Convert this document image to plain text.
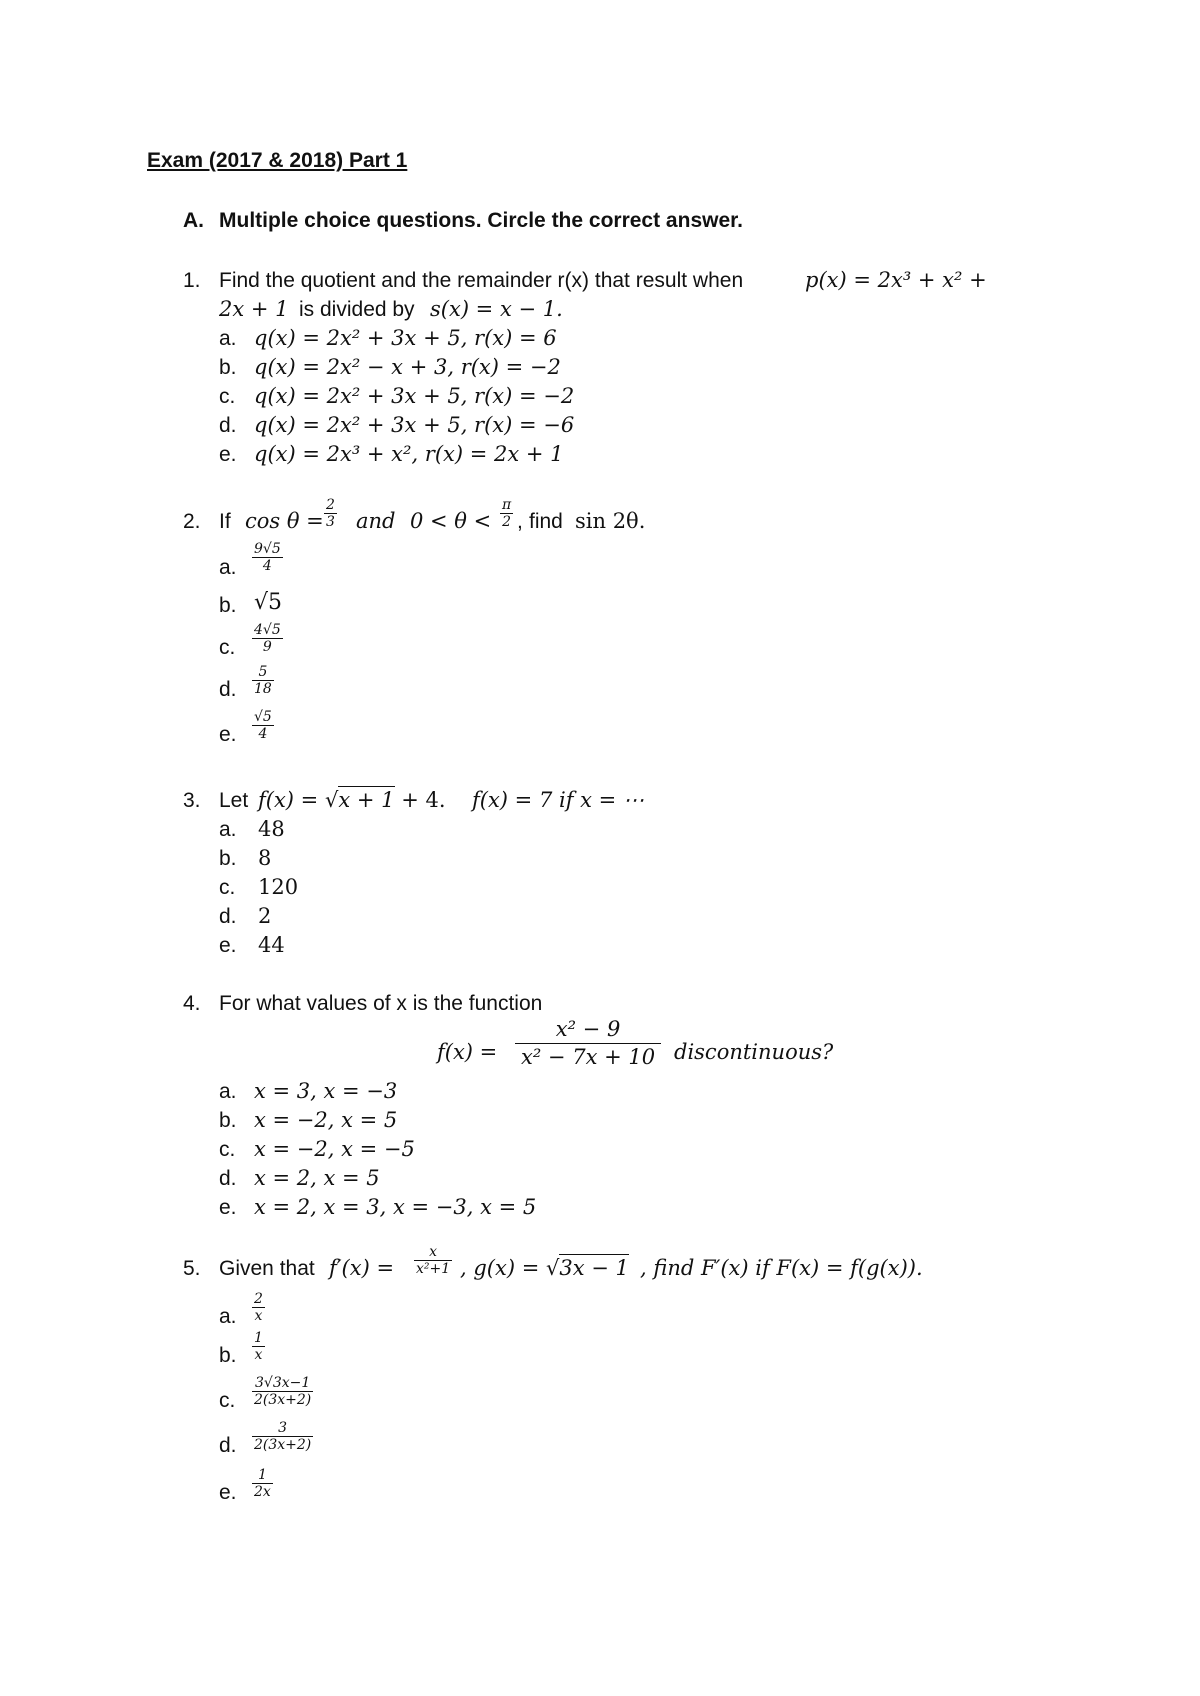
Exam (2017 & 2018) Part 1
A. Multiple choice questions. Circle the correct answer.
1. Find the quotient and the remainder r(x) that result when	p(x) = 2x³ + x² +
2x + 1 is divided by s(x) = x − 1.
a. q(x) = 2x² + 3x + 5, r(x) = 6
b. q(x) = 2x² − x + 3, r(x) = −2
c. q(x) = 2x² + 3x + 5, r(x) = −2
d. q(x) = 2x² + 3x + 5, r(x) = −6
e. q(x) = 2x³ + x², r(x) = 2x + 1
2. If $\cos \theta = \frac{2}{3}$ and $0 < \theta < \frac{\pi}{2}$ , find sin 2θ.
a. $\frac{9√5}{4}$
b. √5
c. $\frac{4√5}{9}$
d. $\frac{5}{18}$
e. $\frac{√5}{4}$
3. Let f(x) = √x + 1 + 4. f(x) = 7 if x = ⋯
a. 48
b. 8
c. 120
d. 2
e. 44
4. For what values of x is the function
$f(x) = \frac{\text{x² − 9}}{\text{x² − 7x + 10}}$ discontinuous?
a. x = 3, x = −3
b. x = −2, x = 5
c. x = −2, x = −5
d. x = 2, x = 5
e. x = 2, x = 3, x = −3, x = 5
5. Given that $f'(x) = \frac{x}{\text{x²+1}}$ , g(x) = √3x − 1 , find F′(x) if F(x) = f(g(x)).
a. $\frac{2}{x}$
b. $\frac{1}{x}$
c. $\frac{3√3x-1}{2(3x+2)}$
d. $\frac{3}{2(3x+2)}$
e. $\frac{1}{2x}$
